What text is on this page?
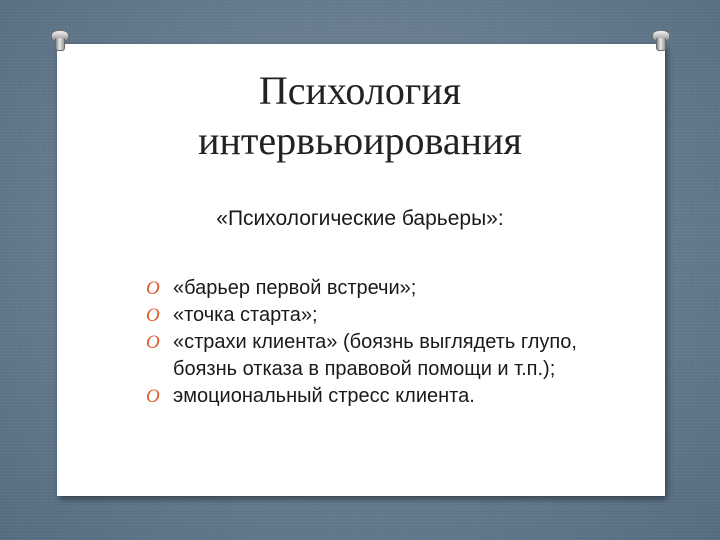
Психология
интервьюирования

«Психологические барьеры»:

O «барьер первой встречи»;
O «точка старта»;
O «страхи клиента» (боязнь выглядеть глупо, боязнь отказа в правовой помощи и т.п.);
O эмоциональный стресс клиента.
